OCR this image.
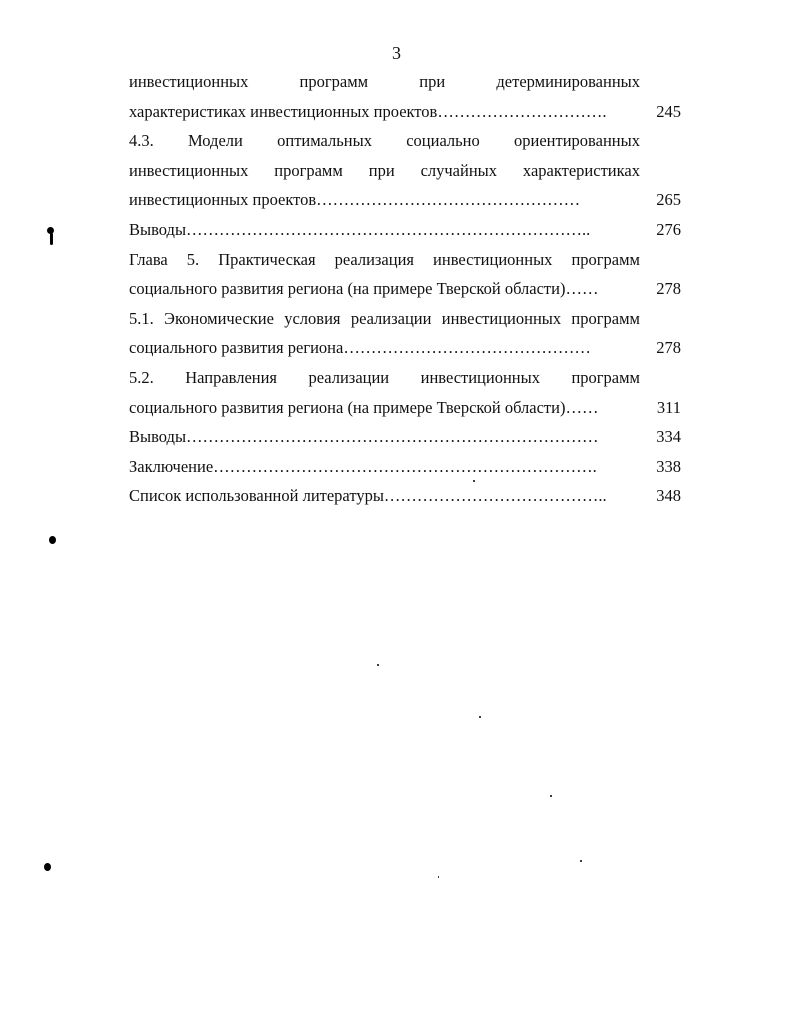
3
инвестиционных	программ	при	детерминированных
характеристиках инвестиционных проектов………………………….	245
4.3. Модели оптимальных социально ориентированных
инвестиционных программ при случайных характеристиках
инвестиционных проектов…………………………………………	265
Выводы………………………………………………………………..	276
Глава 5. Практическая реализация инвестиционных программ
социального развития региона (на примере Тверской области)……	278
5.1. Экономические условия реализации инвестиционных программ
социального развития региона………………………………………	278
5.2. Направления реализации инвестиционных программ
социального развития региона (на примере Тверской области)……	311
Выводы…………………………………………………………………	334
Заключение…………………………………………………………….	338
Список использованной литературы…………………………………..	348
